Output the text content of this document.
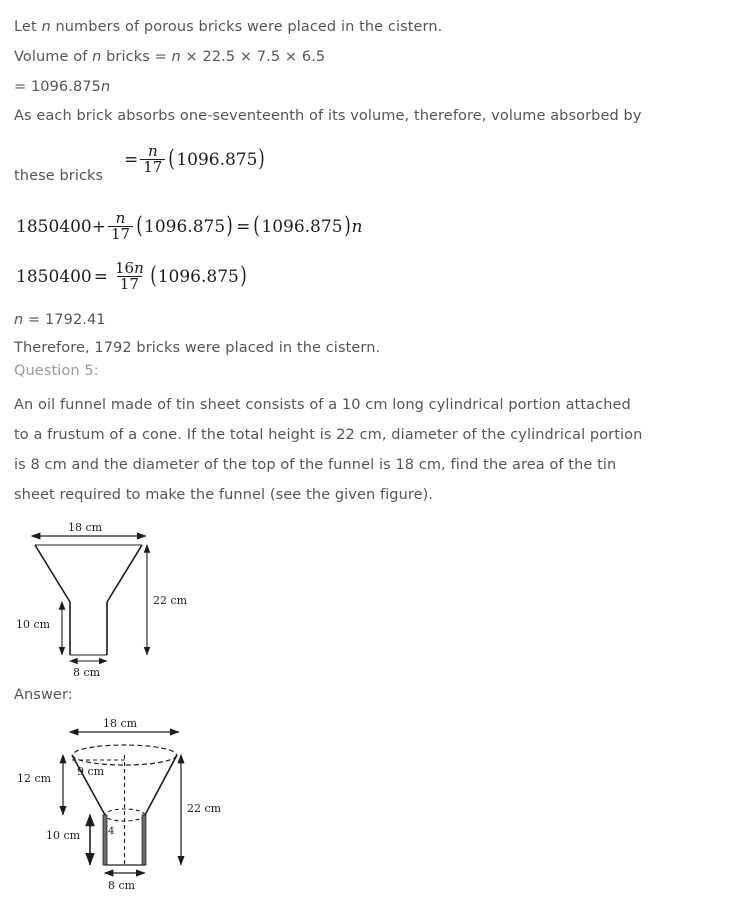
Let n numbers of porous bricks were placed in the cistern.
Volume of n bricks = n × 22.5 × 7.5 × 6.5
= 1096.875n
As each brick absorbs one-seventeenth of its volume, therefore, volume absorbed by
these bricks
= $\frac{n}{17}$ ( 1096.875 )
$1850400 + \frac{n}{17}$ ( 1096.875 ) = ( 1096.875 ) n
$1850400 = \frac{16n}{17}$ ( 1096.875 )
n = 1792.41
Therefore, 1792 bricks were placed in the cistern.
Question 5:
An oil funnel made of tin sheet consists of a 10 cm long cylindrical portion attached
to a frustum of a cone. If the total height is 22 cm, diameter of the cylindrical portion
is 8 cm and the diameter of the top of the funnel is 18 cm, find the area of the tin
sheet required to make the funnel (see the given figure).
Answer:
18 cm
22 cm
10 cm
8 cm
18 cm
9 cm
4
12 cm
10 cm
22 cm
8 cm
